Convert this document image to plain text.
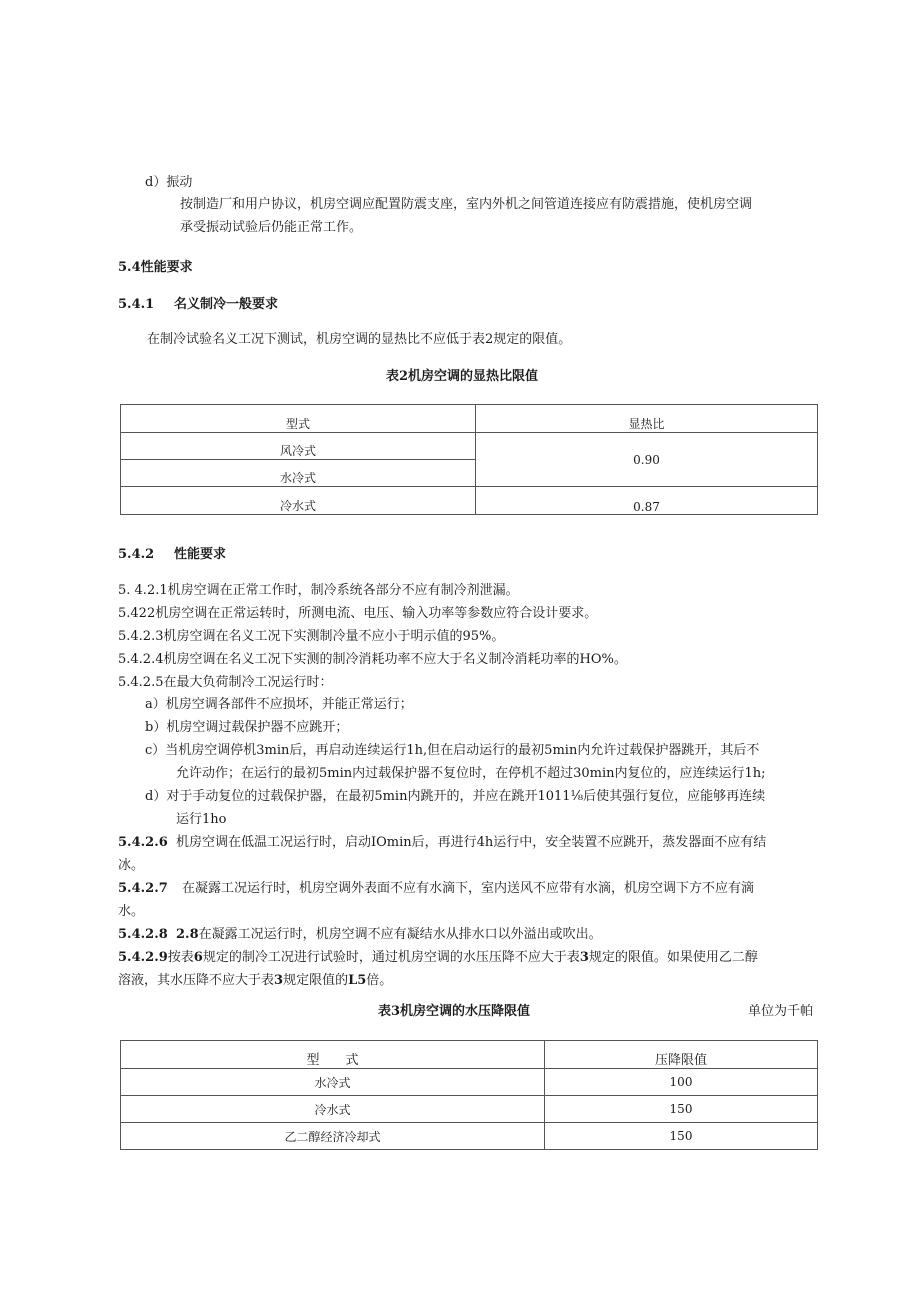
d）振动
按制造厂和用户协议，机房空调应配置防震支座，室内外机之间管道连接应有防震措施，使机房空调
承受振动试验后仍能正常工作。
5.4性能要求
5.4.1 名义制冷一般要求
在制冷试验名义工况下测试，机房空调的显热比不应低于表2规定的限值。
表2机房空调的显热比限值
型式	显热比
风冷式	0.90
水冷式	
冷水式	0.87
5.4.2 性能要求
5. 4.2.1机房空调在正常工作时，制冷系统各部分不应有制冷剂泄漏。
5.422机房空调在正常运转时，所测电流、电压、输入功率等参数应符合设计要求。
5.4.2.3机房空调在名义工况下实测制冷量不应小于明示值的95%。
5.4.2.4机房空调在名义工况下实测的制冷消耗功率不应大于名义制冷消耗功率的HO%。
5.4.2.5在最大负荷制冷工况运行时：
a）机房空调各部件不应损坏，并能正常运行；
b）机房空调过载保护器不应跳开；
c）当机房空调停机3min后，再启动连续运行1h,但在启动运行的最初5min内允许过载保护器跳开，其后不
允许动作；在运行的最初5min内过载保护器不复位时，在停机不超过30min内复位的，应连续运行1h;
d）对于手动复位的过载保护器，在最初5min内跳开的，并应在跳开1011⅛后使其强行复位，应能够再连续
运行1ho
5.4.2.6 机房空调在低温工况运行时，启动IOmin后，再进行4h运行中，安全装置不应跳开，蒸发器面不应有结
冰。
5.4.2.7 在凝露工况运行时，机房空调外表面不应有水滴下，室内送风不应带有水滴，机房空调下方不应有滴
水。
5.4.2.8 2.8在凝露工况运行时，机房空调不应有凝结水从排水口以外溢出或吹出。
5.4.2.9按表6规定的制冷工况进行试验时，通过机房空调的水压压降不应大于表3规定的限值。如果使用乙二醇
溶液，其水压降不应大于表3规定限值的L5倍。
表3机房空调的水压降限值	单位为千帕
型　　式	压降限值
水冷式	100
冷水式	150
乙二醇经济冷却式	150
